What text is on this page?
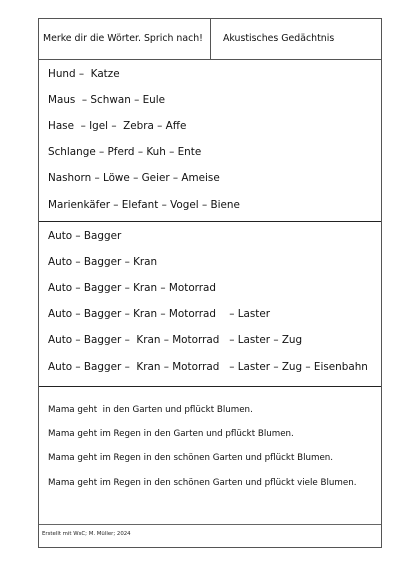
Merke dir die Wörter. Sprich nach!	Akustisches Gedächtnis
Hund –  Katze
Maus  – Schwan – Eule
Hase  – Igel –  Zebra – Affe
Schlange – Pferd – Kuh – Ente
Nashorn – Löwe – Geier – Ameise
Marienkäfer – Elefant – Vogel – Biene
Auto – Bagger
Auto – Bagger – Kran
Auto – Bagger – Kran – Motorrad
Auto – Bagger – Kran – Motorrad    – Laster
Auto – Bagger –  Kran – Motorrad   – Laster – Zug
Auto – Bagger –  Kran – Motorrad   – Laster – Zug – Eisenbahn
Mama geht  in den Garten und pflückt Blumen.
Mama geht im Regen in den Garten und pflückt Blumen.
Mama geht im Regen in den schönen Garten und pflückt Blumen.
Mama geht im Regen in den schönen Garten und pflückt viele Blumen.
Erstellt mit WsC; M. Müller; 2024
